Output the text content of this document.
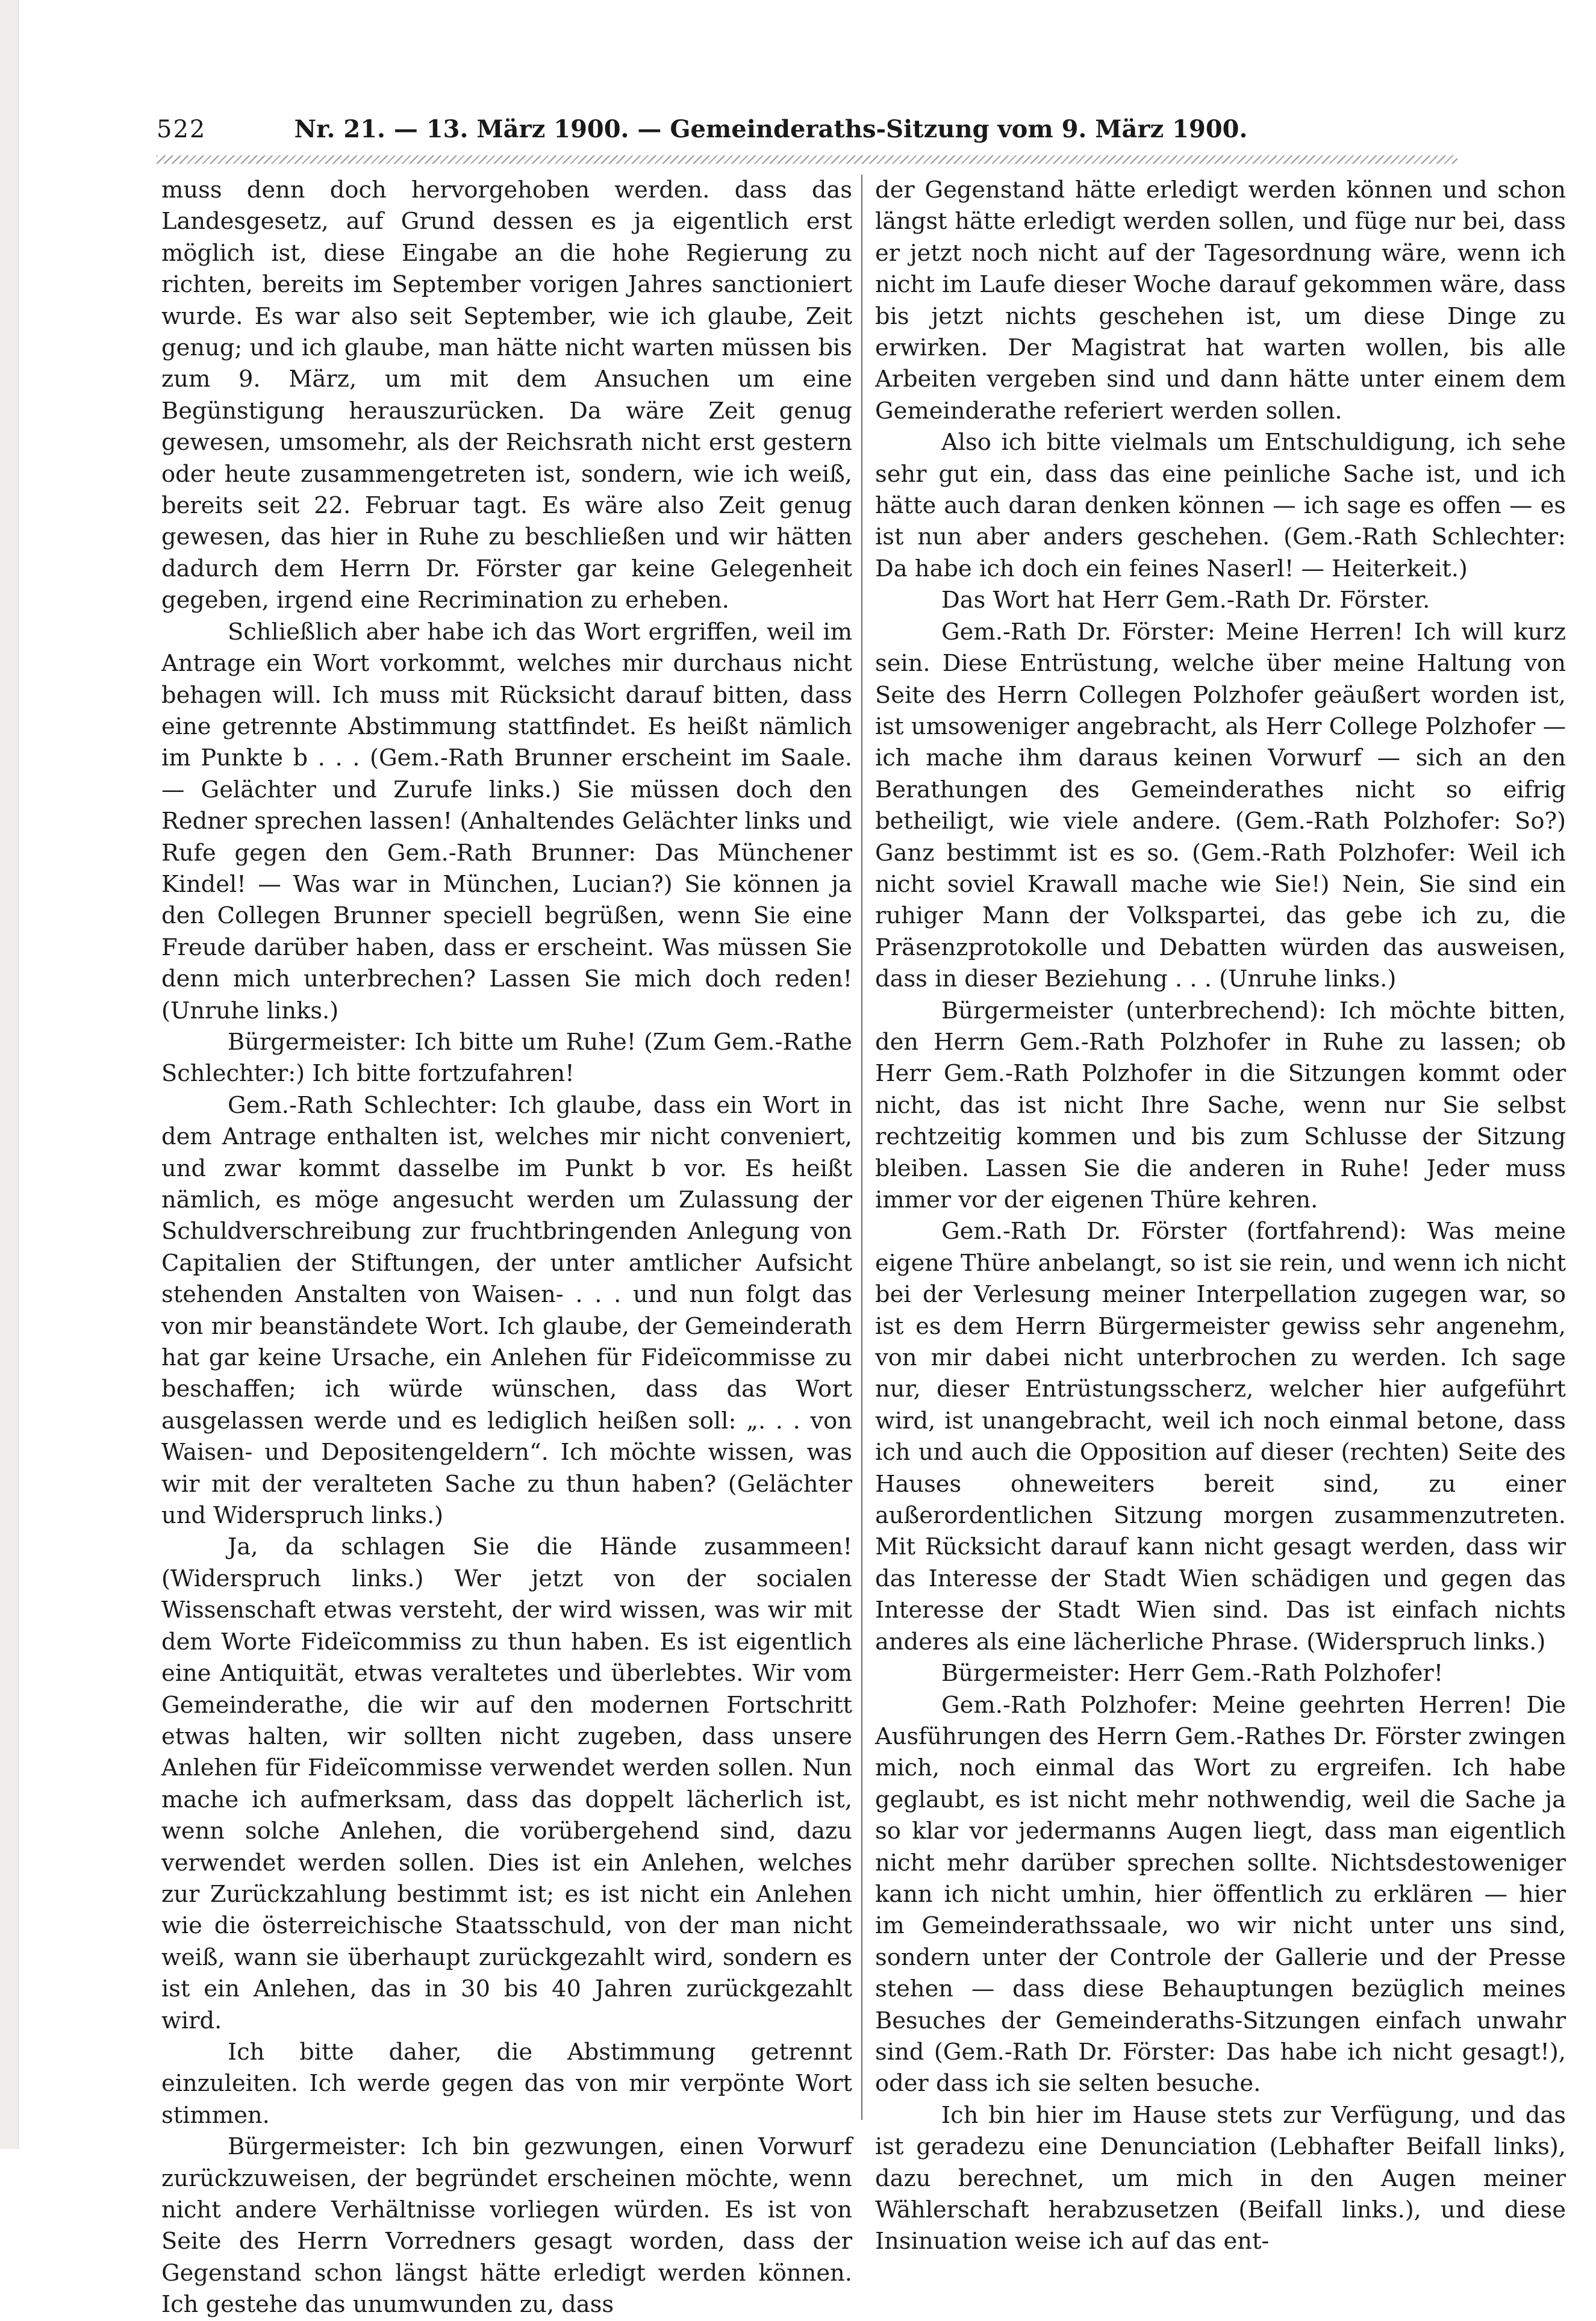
522	Nr. 21. — 13. März 1900. — Gemeinderaths-Sitzung vom 9. März 1900.

muss denn doch hervorgehoben werden. dass das Landesgesetz, auf Grund dessen es ja eigentlich erst möglich ist, diese Eingabe an die hohe Regierung zu richten, bereits im September vorigen Jahres sanctioniert wurde. Es war also seit September, wie ich glaube, Zeit genug; und ich glaube, man hätte nicht warten müssen bis zum 9. März, um mit dem Ansuchen um eine Begünstigung herauszurücken. Da wäre Zeit genug gewesen, umsomehr, als der Reichsrath nicht erst gestern oder heute zusammengetreten ist, sondern, wie ich weiß, bereits seit 22. Februar tagt. Es wäre also Zeit genug gewesen, das hier in Ruhe zu beschließen und wir hätten dadurch dem Herrn Dr. Förster gar keine Gelegenheit gegeben, irgend eine Recrimination zu erheben.

Schließlich aber habe ich das Wort ergriffen, weil im Antrage ein Wort vorkommt, welches mir durchaus nicht behagen will. Ich muss mit Rücksicht darauf bitten, dass eine getrennte Abstimmung stattfindet. Es heißt nämlich im Punkte b . . . (Gem.-Rath Brunner erscheint im Saale. — Gelächter und Zurufe links.) Sie müssen doch den Redner sprechen lassen! (Anhaltendes Gelächter links und Rufe gegen den Gem.-Rath Brunner: Das Münchener Kindel! — Was war in München, Lucian?) Sie können ja den Collegen Brunner speciell begrüßen, wenn Sie eine Freude darüber haben, dass er erscheint. Was müssen Sie denn mich unterbrechen? Lassen Sie mich doch reden! (Unruhe links.)

Bürgermeister: Ich bitte um Ruhe! (Zum Gem.-Rathe Schlechter:) Ich bitte fortzufahren!

Gem.-Rath Schlechter: Ich glaube, dass ein Wort in dem Antrage enthalten ist, welches mir nicht conveniert, und zwar kommt dasselbe im Punkt b vor. Es heißt nämlich, es möge angesucht werden um Zulassung der Schuldverschreibung zur fruchtbringenden Anlegung von Capitalien der Stiftungen, der unter amtlicher Aufsicht stehenden Anstalten von Waisen- . . . und nun folgt das von mir beanständete Wort. Ich glaube, der Gemeinderath hat gar keine Ursache, ein Anlehen für Fideïcommisse zu beschaffen; ich würde wünschen, dass das Wort ausgelassen werde und es lediglich heißen soll: „. . . von Waisen- und Depositengeldern“. Ich möchte wissen, was wir mit der veralteten Sache zu thun haben? (Gelächter und Widerspruch links.)

Ja, da schlagen Sie die Hände zusammeen! (Widerspruch links.) Wer jetzt von der socialen Wissenschaft etwas versteht, der wird wissen, was wir mit dem Worte Fideïcommiss zu thun haben. Es ist eigentlich eine Antiquität, etwas veraltetes und überlebtes. Wir vom Gemeinderathe, die wir auf den modernen Fortschritt etwas halten, wir sollten nicht zugeben, dass unsere Anlehen für Fideïcommisse verwendet werden sollen. Nun mache ich aufmerksam, dass das doppelt lächerlich ist, wenn solche Anlehen, die vorübergehend sind, dazu verwendet werden sollen. Dies ist ein Anlehen, welches zur Zurückzahlung bestimmt ist; es ist nicht ein Anlehen wie die österreichische Staatsschuld, von der man nicht weiß, wann sie überhaupt zurückgezahlt wird, sondern es ist ein Anlehen, das in 30 bis 40 Jahren zurückgezahlt wird.

Ich bitte daher, die Abstimmung getrennt einzuleiten. Ich werde gegen das von mir verpönte Wort stimmen.

Bürgermeister: Ich bin gezwungen, einen Vorwurf zurückzuweisen, der begründet erscheinen möchte, wenn nicht andere Verhältnisse vorliegen würden. Es ist von Seite des Herrn Vorredners gesagt worden, dass der Gegenstand schon längst hätte erledigt werden können. Ich gestehe das unumwunden zu, dass

der Gegenstand hätte erledigt werden können und schon längst hätte erledigt werden sollen, und füge nur bei, dass er jetzt noch nicht auf der Tagesordnung wäre, wenn ich nicht im Laufe dieser Woche darauf gekommen wäre, dass bis jetzt nichts geschehen ist, um diese Dinge zu erwirken. Der Magistrat hat warten wollen, bis alle Arbeiten vergeben sind und dann hätte unter einem dem Gemeinderathe referiert werden sollen.

Also ich bitte vielmals um Entschuldigung, ich sehe sehr gut ein, dass das eine peinliche Sache ist, und ich hätte auch daran denken können — ich sage es offen — es ist nun aber anders geschehen. (Gem.-Rath Schlechter: Da habe ich doch ein feines Naserl! — Heiterkeit.)

Das Wort hat Herr Gem.-Rath Dr. Förster.

Gem.-Rath Dr. Förster: Meine Herren! Ich will kurz sein. Diese Entrüstung, welche über meine Haltung von Seite des Herrn Collegen Polzhofer geäußert worden ist, ist umsoweniger angebracht, als Herr College Polzhofer — ich mache ihm daraus keinen Vorwurf — sich an den Berathungen des Gemeinderathes nicht so eifrig betheiligt, wie viele andere. (Gem.-Rath Polzhofer: So?) Ganz bestimmt ist es so. (Gem.-Rath Polzhofer: Weil ich nicht soviel Krawall mache wie Sie!) Nein, Sie sind ein ruhiger Mann der Volkspartei, das gebe ich zu, die Präsenzprotokolle und Debatten würden das ausweisen, dass in dieser Beziehung . . . (Unruhe links.)

Bürgermeister (unterbrechend): Ich möchte bitten, den Herrn Gem.-Rath Polzhofer in Ruhe zu lassen; ob Herr Gem.-Rath Polzhofer in die Sitzungen kommt oder nicht, das ist nicht Ihre Sache, wenn nur Sie selbst rechtzeitig kommen und bis zum Schlusse der Sitzung bleiben. Lassen Sie die anderen in Ruhe! Jeder muss immer vor der eigenen Thüre kehren.

Gem.-Rath Dr. Förster (fortfahrend): Was meine eigene Thüre anbelangt, so ist sie rein, und wenn ich nicht bei der Verlesung meiner Interpellation zugegen war, so ist es dem Herrn Bürgermeister gewiss sehr angenehm, von mir dabei nicht unterbrochen zu werden. Ich sage nur, dieser Entrüstungsscherz, welcher hier aufgeführt wird, ist unangebracht, weil ich noch einmal betone, dass ich und auch die Opposition auf dieser (rechten) Seite des Hauses ohneweiters bereit sind, zu einer außerordentlichen Sitzung morgen zusammenzutreten. Mit Rücksicht darauf kann nicht gesagt werden, dass wir das Interesse der Stadt Wien schädigen und gegen das Interesse der Stadt Wien sind. Das ist einfach nichts anderes als eine lächerliche Phrase. (Widerspruch links.)

Bürgermeister: Herr Gem.-Rath Polzhofer!

Gem.-Rath Polzhofer: Meine geehrten Herren! Die Ausführungen des Herrn Gem.-Rathes Dr. Förster zwingen mich, noch einmal das Wort zu ergreifen. Ich habe geglaubt, es ist nicht mehr nothwendig, weil die Sache ja so klar vor jedermanns Augen liegt, dass man eigentlich nicht mehr darüber sprechen sollte. Nichtsdestoweniger kann ich nicht umhin, hier öffentlich zu erklären — hier im Gemeinderathssaale, wo wir nicht unter uns sind, sondern unter der Controle der Gallerie und der Presse stehen — dass diese Behauptungen bezüglich meines Besuches der Gemeinderaths-Sitzungen einfach unwahr sind (Gem.-Rath Dr. Förster: Das habe ich nicht gesagt!), oder dass ich sie selten besuche.

Ich bin hier im Hause stets zur Verfügung, und das ist geradezu eine Denunciation (Lebhafter Beifall links), dazu berechnet, um mich in den Augen meiner Wählerschaft herabzusetzen (Beifall links.), und diese Insinuation weise ich auf das ent-
